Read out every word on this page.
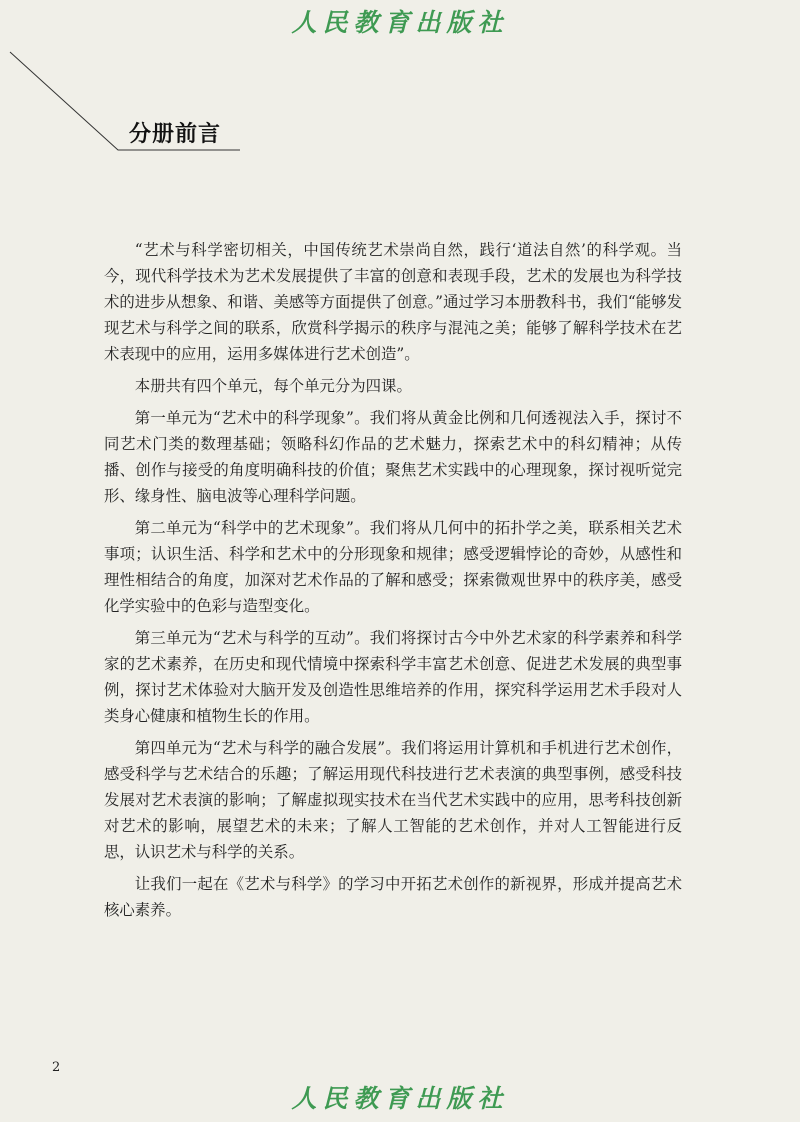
人民教育出版社
分册前言

“艺术与科学密切相关，中国传统艺术崇尚自然，践行‘道法自然’的科学观。当今，现代科学技术为艺术发展提供了丰富的创意和表现手段，艺术的发展也为科学技术的进步从想象、和谐、美感等方面提供了创意。”通过学习本册教科书，我们“能够发现艺术与科学之间的联系，欣赏科学揭示的秩序与混沌之美；能够了解科学技术在艺术表现中的应用，运用多媒体进行艺术创造”。

本册共有四个单元，每个单元分为四课。

第一单元为“艺术中的科学现象”。我们将从黄金比例和几何透视法入手，探讨不同艺术门类的数理基础；领略科幻作品的艺术魅力，探索艺术中的科幻精神；从传播、创作与接受的角度明确科技的价值；聚焦艺术实践中的心理现象，探讨视听觉完形、缘身性、脑电波等心理科学问题。

第二单元为“科学中的艺术现象”。我们将从几何中的拓扑学之美，联系相关艺术事项；认识生活、科学和艺术中的分形现象和规律；感受逻辑悖论的奇妙，从感性和理性相结合的角度，加深对艺术作品的了解和感受；探索微观世界中的秩序美，感受化学实验中的色彩与造型变化。

第三单元为“艺术与科学的互动”。我们将探讨古今中外艺术家的科学素养和科学家的艺术素养，在历史和现代情境中探索科学丰富艺术创意、促进艺术发展的典型事例，探讨艺术体验对大脑开发及创造性思维培养的作用，探究科学运用艺术手段对人类身心健康和植物生长的作用。

第四单元为“艺术与科学的融合发展”。我们将运用计算机和手机进行艺术创作，感受科学与艺术结合的乐趣；了解运用现代科技进行艺术表演的典型事例，感受科技发展对艺术表演的影响；了解虚拟现实技术在当代艺术实践中的应用，思考科技创新对艺术的影响，展望艺术的未来；了解人工智能的艺术创作，并对人工智能进行反思，认识艺术与科学的关系。

让我们一起在《艺术与科学》的学习中开拓艺术创作的新视界，形成并提高艺术核心素养。

2
人民教育出版社
